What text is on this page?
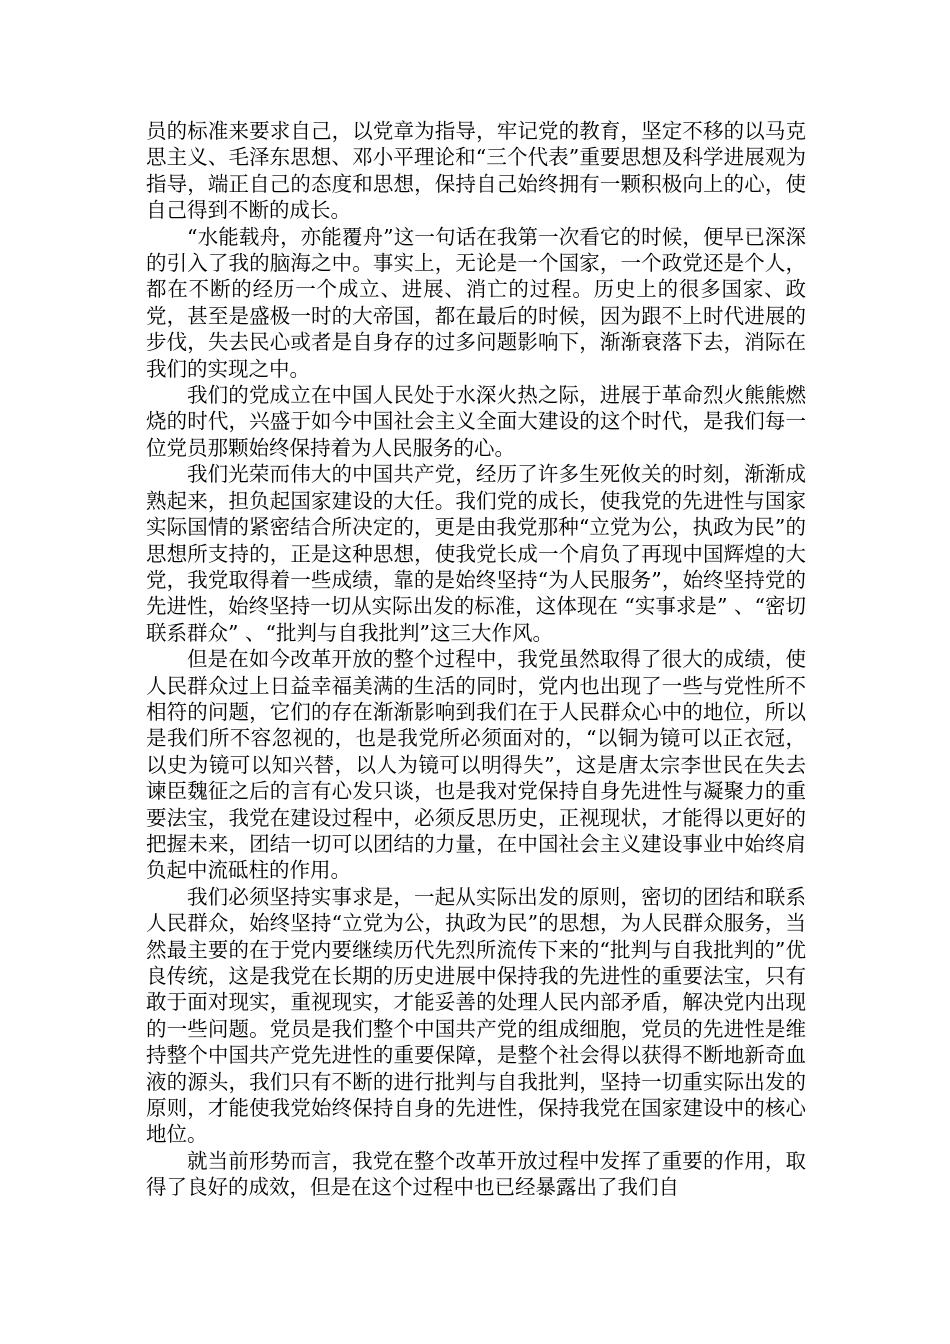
员的标准来要求自己，以党章为指导，牢记党的教育，坚定不移的以马克思主义、毛泽东思想、邓小平理论和“三个代表”重要思想及科学进展观为指导，端正自己的态度和思想，保持自己始终拥有一颗积极向上的心，使自己得到不断的成长。

“水能载舟，亦能覆舟”这一句话在我第一次看它的时候，便早已深深的引入了我的脑海之中。事实上，无论是一个国家，一个政党还是个人，都在不断的经历一个成立、进展、消亡的过程。历史上的很多国家、政党，甚至是盛极一时的大帝国，都在最后的时候，因为跟不上时代进展的步伐，失去民心或者是自身存的过多问题影响下，渐渐衰落下去，消际在我们的实现之中。

我们的党成立在中国人民处于水深火热之际，进展于革命烈火熊熊燃烧的时代，兴盛于如今中国社会主义全面大建设的这个时代，是我们每一位党员那颗始终保持着为人民服务的心。

我们光荣而伟大的中国共产党，经历了许多生死攸关的时刻，渐渐成熟起来，担负起国家建设的大任。我们党的成长，使我党的先进性与国家实际国情的紧密结合所决定的，更是由我党那种“立党为公，执政为民”的思想所支持的，正是这种思想，使我党长成一个肩负了再现中国辉煌的大党，我党取得着一些成绩，靠的是始终坚持“为人民服务”，始终坚持党的先进性，始终坚持一切从实际出发的标准，这体现在 “实事求是” 、“密切联系群众” 、“批判与自我批判”这三大作风。

但是在如今改革开放的整个过程中，我党虽然取得了很大的成绩，使人民群众过上日益幸福美满的生活的同时，党内也出现了一些与党性所不相符的问题，它们的存在渐渐影响到我们在于人民群众心中的地位，所以是我们所不容忽视的，也是我党所必须面对的，“以铜为镜可以正衣冠，以史为镜可以知兴替，以人为镜可以明得失”，这是唐太宗李世民在失去谏臣魏征之后的言有心发只谈，也是我对党保持自身先进性与凝聚力的重要法宝，我党在建设过程中，必须反思历史，正视现状，才能得以更好的把握未来，团结一切可以团结的力量，在中国社会主义建设事业中始终肩负起中流砥柱的作用。

我们必须坚持实事求是，一起从实际出发的原则，密切的团结和联系人民群众，始终坚持“立党为公，执政为民”的思想，为人民群众服务，当然最主要的在于党内要继续历代先烈所流传下来的“批判与自我批判的”优良传统，这是我党在长期的历史进展中保持我的先进性的重要法宝，只有敢于面对现实，重视现实，才能妥善的处理人民内部矛盾，解决党内出现的一些问题。党员是我们整个中国共产党的组成细胞，党员的先进性是维持整个中国共产党先进性的重要保障，是整个社会得以获得不断地新奇血液的源头，我们只有不断的进行批判与自我批判，坚持一切重实际出发的原则，才能使我党始终保持自身的先进性，保持我党在国家建设中的核心地位。

就当前形势而言，我党在整个改革开放过程中发挥了重要的作用，取得了良好的成效，但是在这个过程中也已经暴露出了我们自
